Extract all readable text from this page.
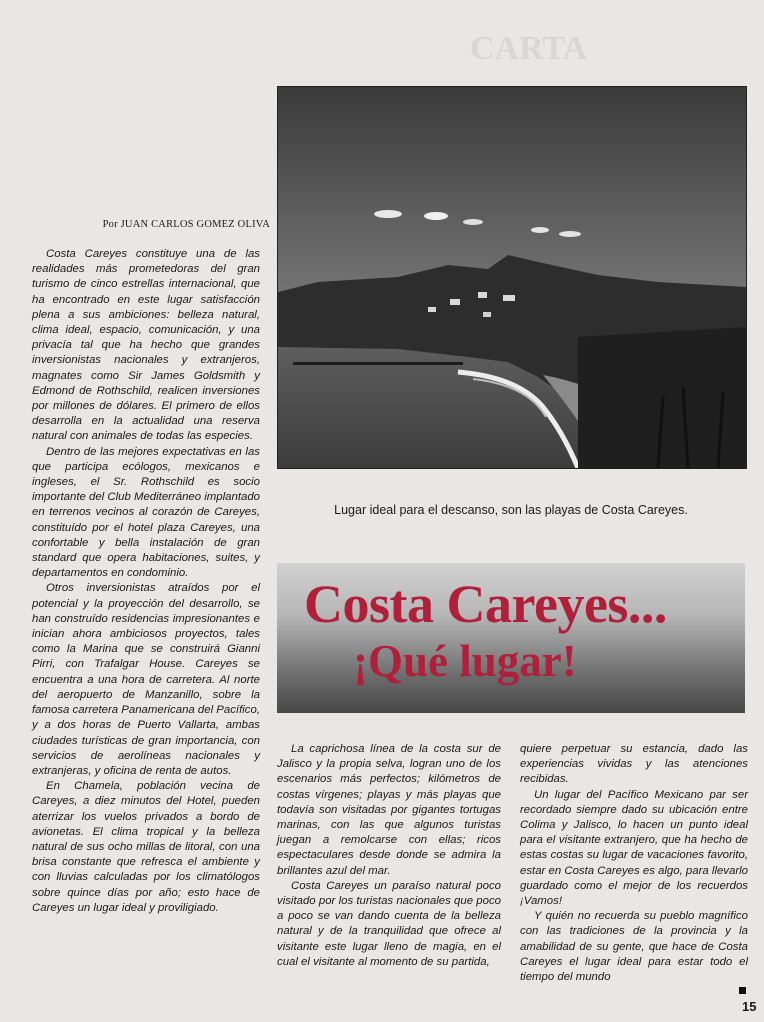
CARTA
Por JUAN CARLOS GOMEZ OLIVA

Costa Careyes constituye una de las realidades más prometedoras del gran turismo de cinco estrellas internacional, que ha encontrado en este lugar satisfacción plena a sus ambiciones: belleza natural, clima ideal, espacio, comunicación, y una privacía tal que ha hecho que grandes inversionistas nacionales y extranjeros, magnates como Sir James Goldsmith y Edmond de Rothschild, realicen inversiones por millones de dólares. El primero de ellos desarrolla en la actualidad una reserva natural con animales de todas las especies.

Dentro de las mejores expectativas en las que participa ecólogos, mexicanos e ingleses, el Sr. Rothschild es socio importante del Club Mediterráneo implantado en terrenos vecinos al corazón de Careyes, constituído por el hotel plaza Careyes, una confortable y bella instalación de gran standard que opera habitaciones, suites, y departamentos en condominio.

Otros inversionistas atraídos por el potencial y la proyección del desarrollo, se han construído residencias impresionantes e inician ahora ambiciosos proyectos, tales como la Marina que se construirá Gianni Pirri, con Trafalgar House. Careyes se encuentra a una hora de carretera. Al norte del aeropuerto de Manzanillo, sobre la famosa carretera Panamericana del Pacífico, y a dos horas de Puerto Vallarta, ambas ciudades turísticas de gran importancia, con servicios de aerolíneas nacionales y extranjeras, y oficina de renta de autos.

En Chamela, población vecina de Careyes, a diez minutos del Hotel, pueden aterrizar los vuelos privados a bordo de avionetas. El clima tropical y la belleza natural de sus ocho millas de litoral, con una brisa constante que refresca el ambiente y con lluvias calculadas por los climatólogos sobre quince días por año; esto hace de Careyes un lugar ideal y proviligiado.

Lugar ideal para el descanso, son las playas de Costa Careyes.
Costa Careyes...
¡Qué lugar!

La caprichosa línea de la costa sur de Jalisco y la propia selva, logran uno de los escenarios más perfectos; kilómetros de costas vírgenes; playas y más playas que todavía son visitadas por gigantes tortugas marinas, con las que algunos turistas juegan a remolcarse con ellas; ricos espectaculares desde donde se admira la brillantes azul del mar.

Costa Careyes un paraíso natural poco visitado por los turistas nacionales que poco a poco se van dando cuenta de la belleza natural y de la tranquilidad que ofrece al visitante este lugar lleno de magia, en el cual el visitante al momento de su partida,

quiere perpetuar su estancia, dado las experiencias vividas y las atenciones recibidas.

Un lugar del Pacífico Mexicano par ser recordado siempre dado su ubicación entre Colima y Jalisco, lo hacen un punto ideal para el visitante extranjero, que ha hecho de estas costas su lugar de vacaciones favorito, estar en Costa Careyes es algo, para llevarlo guardado como el mejor de los recuerdos ¡Vamos!

Y quién no recuerda su pueblo magnífico con las tradiciones de la provincia y la amabilidad de su gente, que hace de Costa Careyes el lugar ideal para estar todo el tiempo del mundo

15
